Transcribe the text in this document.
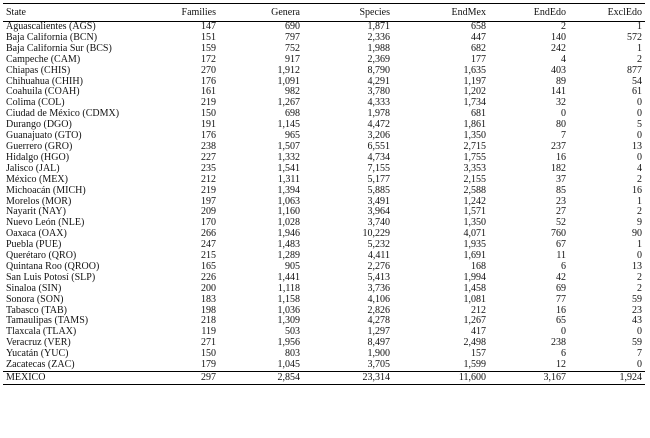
State	Families	Genera	Species	EndMex	EndEdo	ExclEdo
Aguascalientes (AGS)	147	690	1,871	658	2	1
Baja California (BCN)	151	797	2,336	447	140	572
Baja California Sur (BCS)	159	752	1,988	682	242	1
Campeche (CAM)	172	917	2,369	177	4	2
Chiapas (CHIS)	270	1,912	8,790	1,635	403	877
Chihuahua (CHIH)	176	1,091	4,291	1,197	89	54
Coahuila (COAH)	161	982	3,780	1,202	141	61
Colima (COL)	219	1,267	4,333	1,734	32	0
Ciudad de México (CDMX)	150	698	1,978	681	0	0
Durango (DGO)	191	1,145	4,472	1,861	80	5
Guanajuato (GTO)	176	965	3,206	1,350	7	0
Guerrero (GRO)	238	1,507	6,551	2,715	237	13
Hidalgo (HGO)	227	1,332	4,734	1,755	16	0
Jalisco (JAL)	235	1,541	7,155	3,353	182	4
México (MEX)	212	1,311	5,177	2,155	37	2
Michoacán (MICH)	219	1,394	5,885	2,588	85	16
Morelos (MOR)	197	1,063	3,491	1,242	23	1
Nayarit (NAY)	209	1,160	3,964	1,571	27	2
Nuevo León (NLE)	170	1,028	3,740	1,350	52	9
Oaxaca (OAX)	266	1,946	10,229	4,071	760	90
Puebla (PUE)	247	1,483	5,232	1,935	67	1
Querétaro (QRO)	215	1,289	4,411	1,691	11	0
Quintana Roo (QROO)	165	905	2,276	168	6	13
San Luis Potosí (SLP)	226	1,441	5,413	1,994	42	2
Sinaloa (SIN)	200	1,118	3,736	1,458	69	2
Sonora (SON)	183	1,158	4,106	1,081	77	59
Tabasco (TAB)	198	1,036	2,826	212	16	23
Tamaulipas (TAMS)	218	1,309	4,278	1,267	65	43
Tlaxcala (TLAX)	119	503	1,297	417	0	0
Veracruz (VER)	271	1,956	8,497	2,498	238	59
Yucatán (YUC)	150	803	1,900	157	6	7
Zacatecas (ZAC)	179	1,045	3,705	1,599	12	0
MEXICO	297	2,854	23,314	11,600	3,167	1,924
